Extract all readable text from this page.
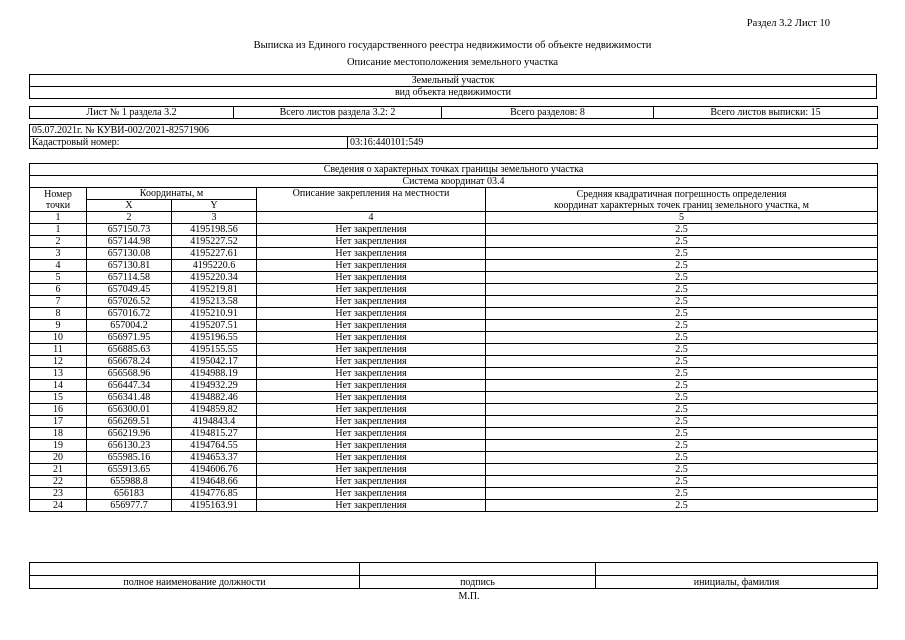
Раздел 3.2 Лист 10
Выписка из Единого государственного реестра недвижимости об объекте недвижимости
Описание местоположения земельного участка
Земельный участок
вид объекта недвижимости
Лист № 1 раздела 3.2	Всего листов раздела 3.2: 2	Всего разделов: 8	Всего листов выписки: 15
05.07.2021г. № КУВИ-002/2021-82571906
Кадастровый номер:	03:16:440101:549
Сведения о характерных точках границы земельного участка				
Система координат 03.4				
Номер
точки	Координаты, м		Описание закрепления на местности	Средняя квадратичная погрешность определения
координат характерных точек границ земельного участка, м
	X	Y		
1	2	3	4	5
1	657150.73	4195198.56	Нет закрепления	2.5
2	657144.98	4195227.52	Нет закрепления	2.5
3	657130.08	4195227.61	Нет закрепления	2.5
4	657130.81	4195220.6	Нет закрепления	2.5
5	657114.58	4195220.34	Нет закрепления	2.5
6	657049.45	4195219.81	Нет закрепления	2.5
7	657026.52	4195213.58	Нет закрепления	2.5
8	657016.72	4195210.91	Нет закрепления	2.5
9	657004.2	4195207.51	Нет закрепления	2.5
10	656971.95	4195196.55	Нет закрепления	2.5
11	656885.63	4195155.55	Нет закрепления	2.5
12	656678.24	4195042.17	Нет закрепления	2.5
13	656568.96	4194988.19	Нет закрепления	2.5
14	656447.34	4194932.29	Нет закрепления	2.5
15	656341.48	4194882.46	Нет закрепления	2.5
16	656300.01	4194859.82	Нет закрепления	2.5
17	656269.51	4194843.4	Нет закрепления	2.5
18	656219.96	4194815.27	Нет закрепления	2.5
19	656130.23	4194764.55	Нет закрепления	2.5
20	655985.16	4194653.37	Нет закрепления	2.5
21	655913.65	4194606.76	Нет закрепления	2.5
22	655988.8	4194648.66	Нет закрепления	2.5
23	656183	4194776.85	Нет закрепления	2.5
24	656977.7	4195163.91	Нет закрепления	2.5

полное наименование должности	подпись	инициалы, фамилия
М.П.
